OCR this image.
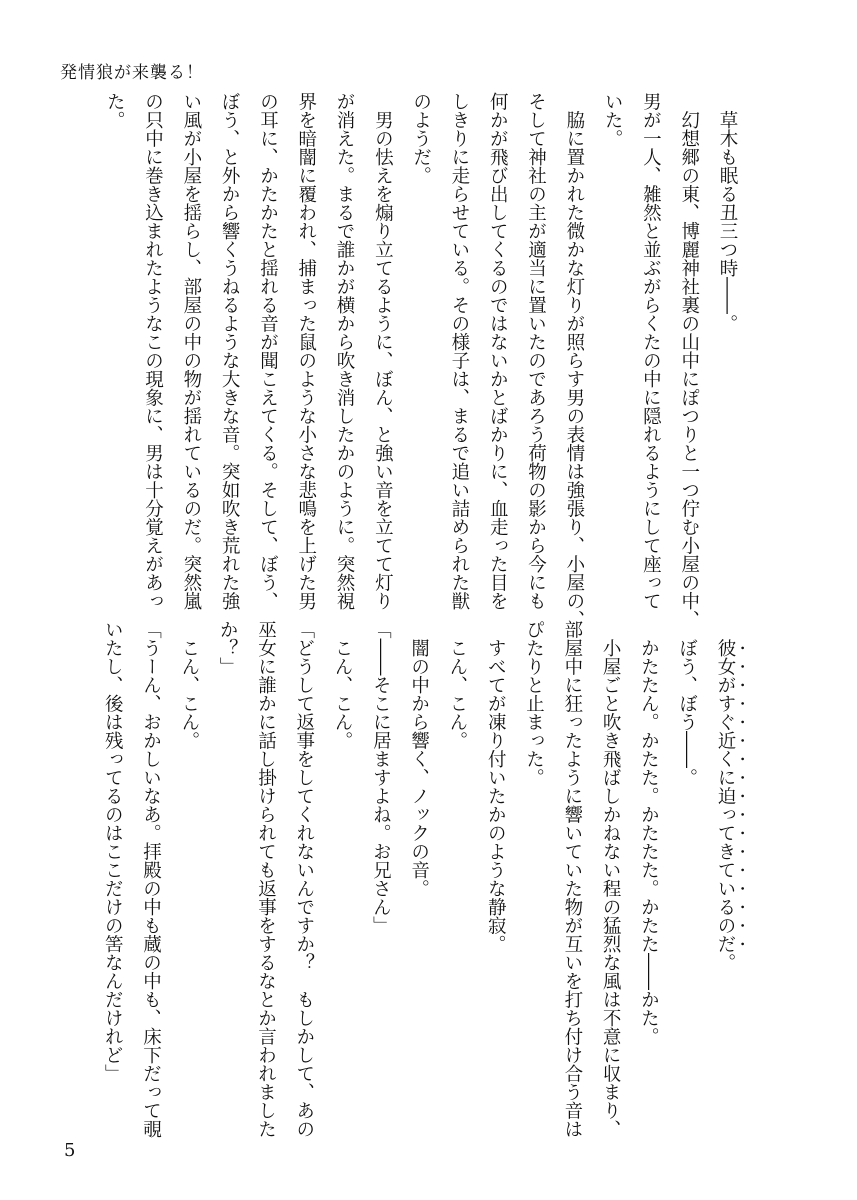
発情狼が来襲る！
　草木も眠る丑三つ時――。
　幻想郷の東、博麗神社裏の山中にぽつりと一つ佇む小屋の中、
男が一人、雑然と並ぶがらくたの中に隠れるようにして座って
いた。
　脇に置かれた微かな灯りが照らす男の表情は強張り、小屋の、
そして神社の主が適当に置いたのであろう荷物の影から今にも
何かが飛び出してくるのではないかとばかりに、血走った目を
しきりに走らせている。その様子は、まるで追い詰められた獣
のようだ。
　男の怯えを煽り立てるように、ぼん、と強い音を立てて灯り
が消えた。まるで誰かが横から吹き消したかのように。突然視
界を暗闇に覆われ、捕まった鼠のような小さな悲鳴を上げた男
の耳に、かたかたと揺れる音が聞こえてくる。そして、ぼう、
ぼう、と外から響くうねるような大きな音。突如吹き荒れた強
い風が小屋を揺らし、部屋の中の物が揺れているのだ。突然嵐
の只中に巻き込まれたようなこの現象に、男は十分覚えがあっ
た。
　彼女がすぐ近くに迫ってきているのだ。
　ぼう、ぼう――。
　かたたん。かたた。かたたた。かたた――かた。
　小屋ごと吹き飛ばしかねない程の猛烈な風は不意に収まり、
部屋中に狂ったように響いていた物が互いを打ち付け合う音は
ぴたりと止まった。
　すべてが凍り付いたかのような静寂。
　こん、こん。
　闇の中から響く、ノックの音。
「――そこに居ますよね。お兄さん」
　こん、こん。
「どうして返事をしてくれないんですか？　もしかして、あの
巫女に誰かに話し掛けられても返事をするなとか言われました
か？」
　こん、こん。
「うーん、おかしいなあ。拝殿の中も蔵の中も、床下だって覗
いたし、後は残ってるのはここだけの筈なんだけれど」
5
